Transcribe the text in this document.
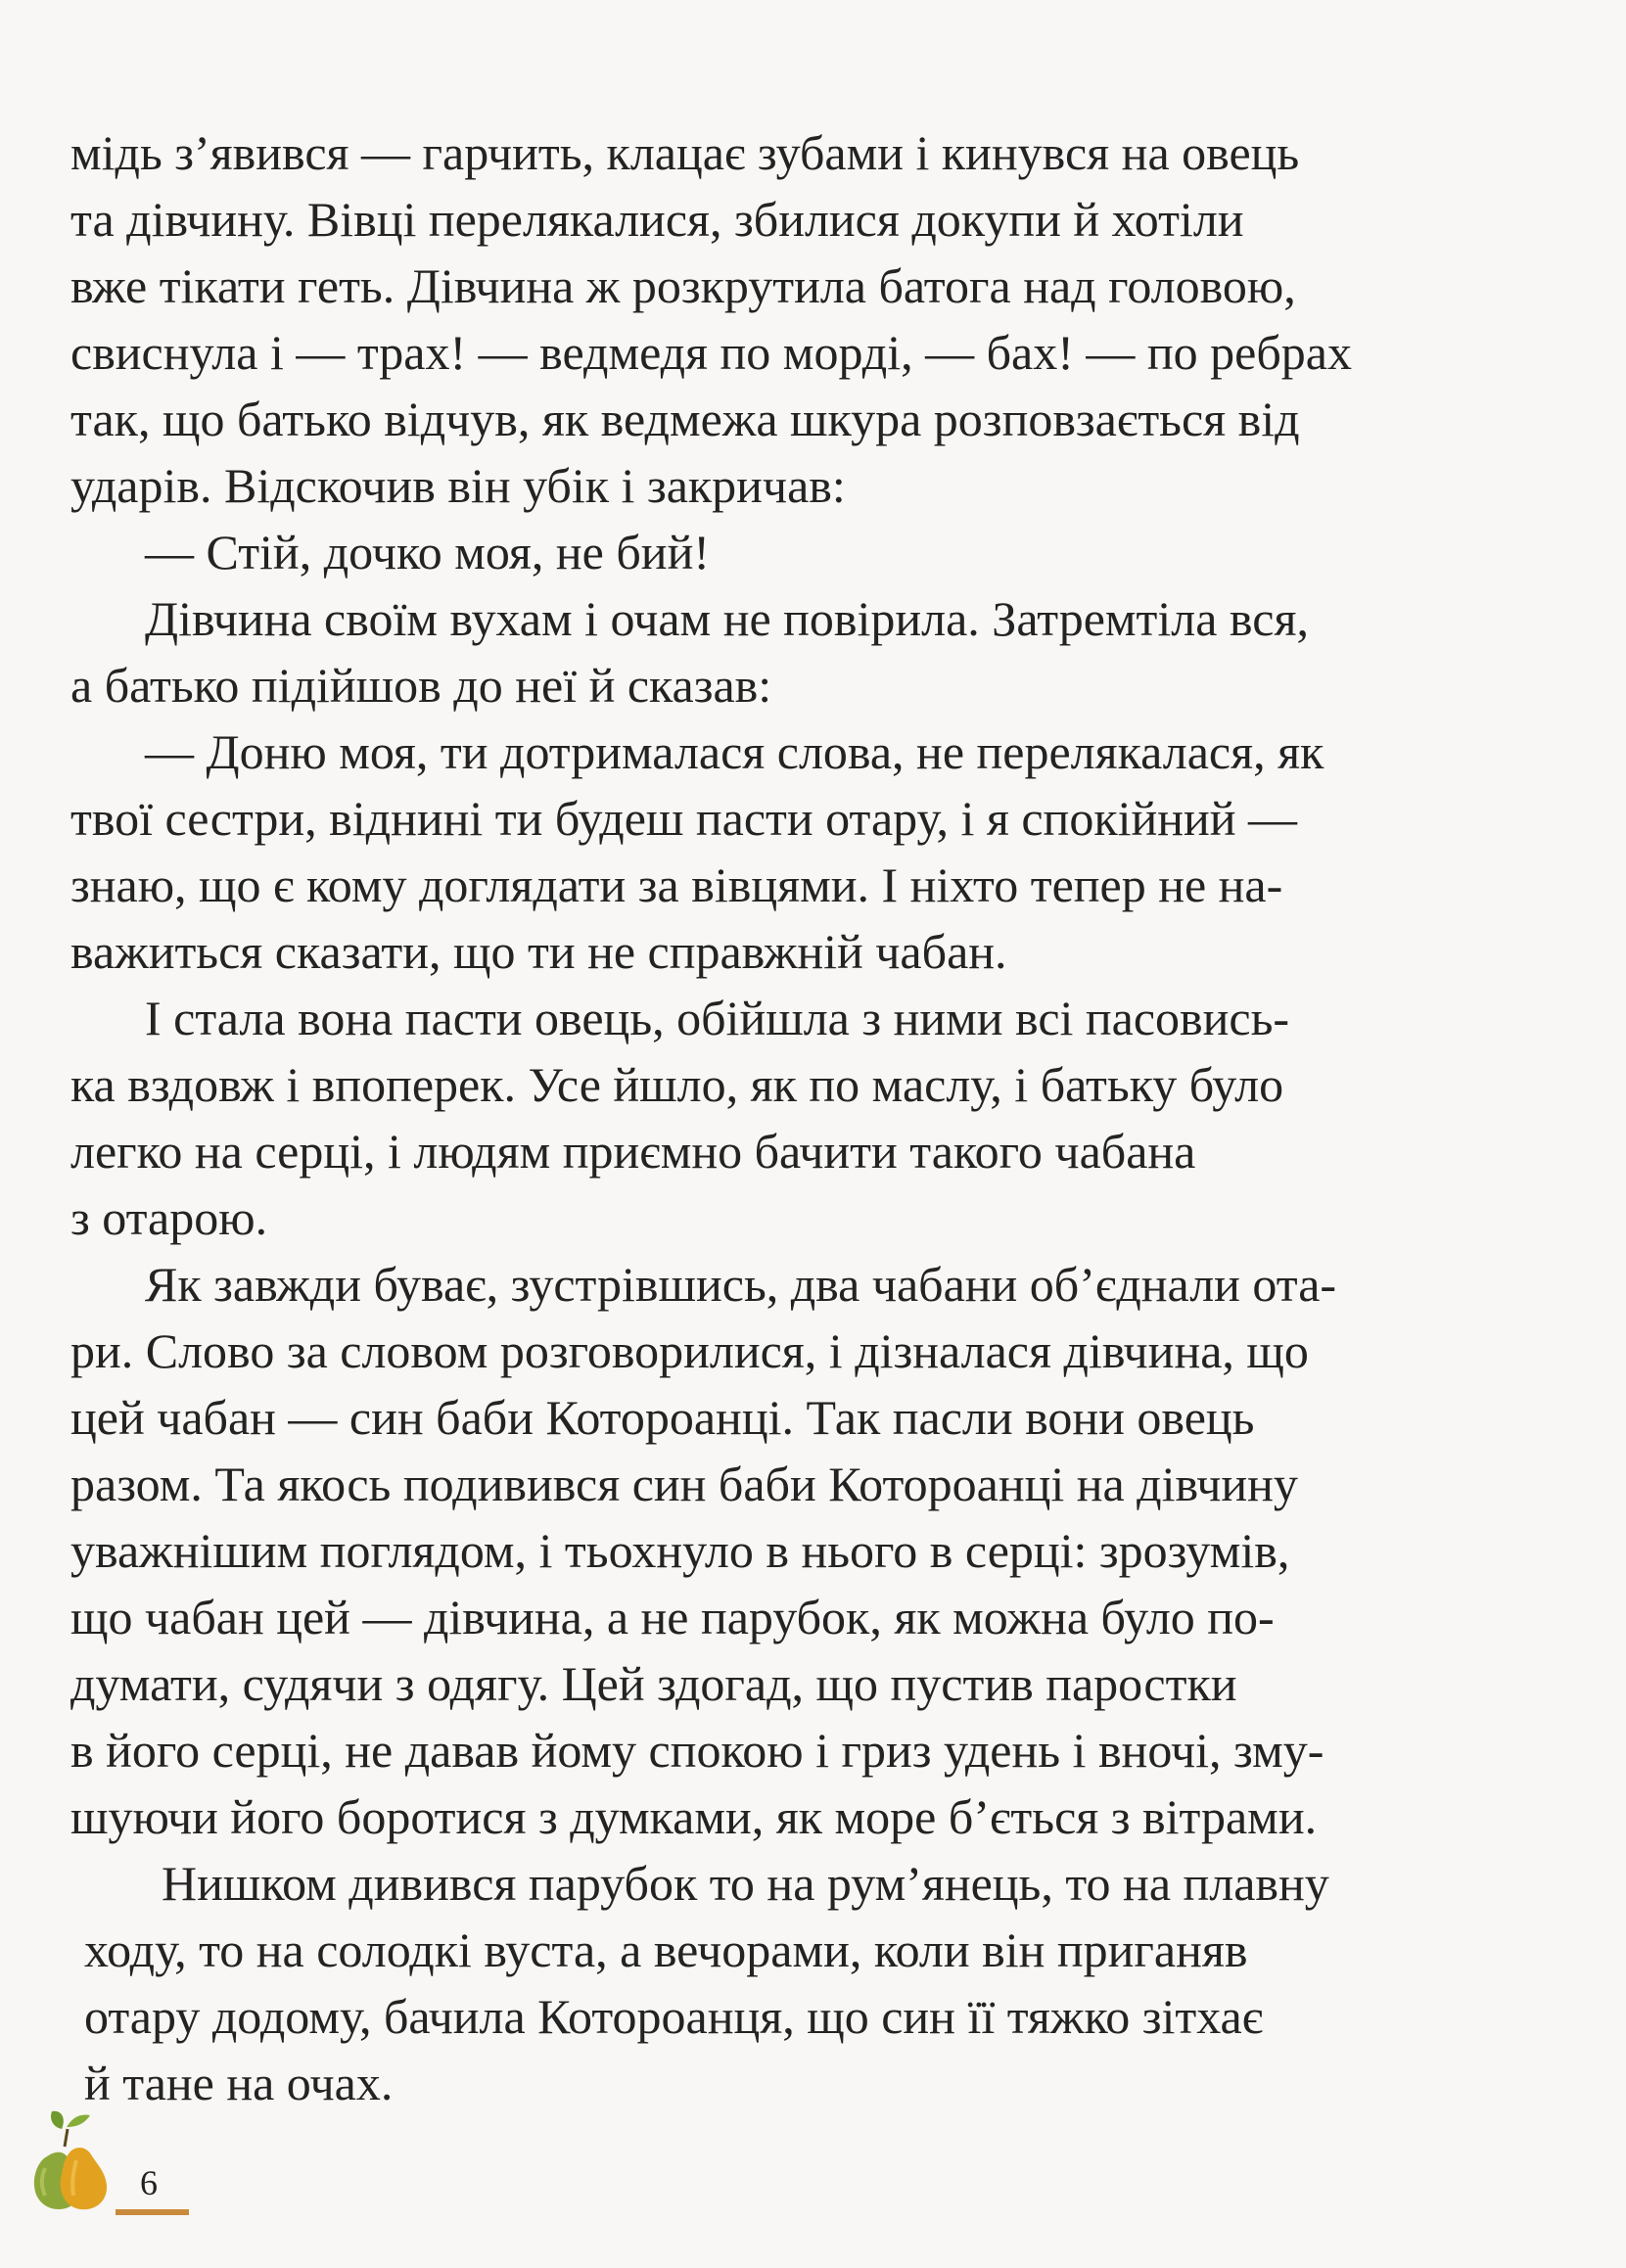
мідь з’явився — гарчить, клацає зубами і кинувся на овець
та дівчину. Вівці перелякалися, збилися докупи й хотіли
вже тікати геть. Дівчина ж розкрутила батога над головою,
свиснула і — трах! — ведмедя по морді, — бах! — по ребрах
так, що батько відчув, як ведмежа шкура розповзається від
ударів. Відскочив він убік і закричав:
— Стій, дочко моя, не бий!
Дівчина своїм вухам і очам не повірила. Затремтіла вся,
а батько підійшов до неї й сказав:
— Доню моя, ти дотрималася слова, не перелякалася, як
твої сестри, віднині ти будеш пасти отару, і я спокійний —
знаю, що є кому доглядати за вівцями. І ніхто тепер не на-
важиться сказати, що ти не справжній чабан.
І стала вона пасти овець, обійшла з ними всі пасовись-
ка вздовж і впоперек. Усе йшло, як по маслу, і батьку було
легко на серці, і людям приємно бачити такого чабана
з отарою.
Як завжди буває, зустрівшись, два чабани об’єднали ота-
ри. Слово за словом розговорилися, і дізналася дівчина, що
цей чабан — син баби Котороанці. Так пасли вони овець
разом. Та якось подивився син баби Котороанці на дівчину
уважнішим поглядом, і тьохнуло в нього в серці: зрозумів,
що чабан цей — дівчина, а не парубок, як можна було по-
думати, судячи з одягу. Цей здогад, що пустив паростки
в його серці, не давав йому спокою і гриз удень і вночі, зму-
шуючи його боротися з думками, як море б’ється з вітрами.
Нишком дивився парубок то на рум’янець, то на плавну
ходу, то на солодкі вуста, а вечорами, коли він приганяв
отару додому, бачила Котороанця, що син її тяжко зітхає
й тане на очах.
6
